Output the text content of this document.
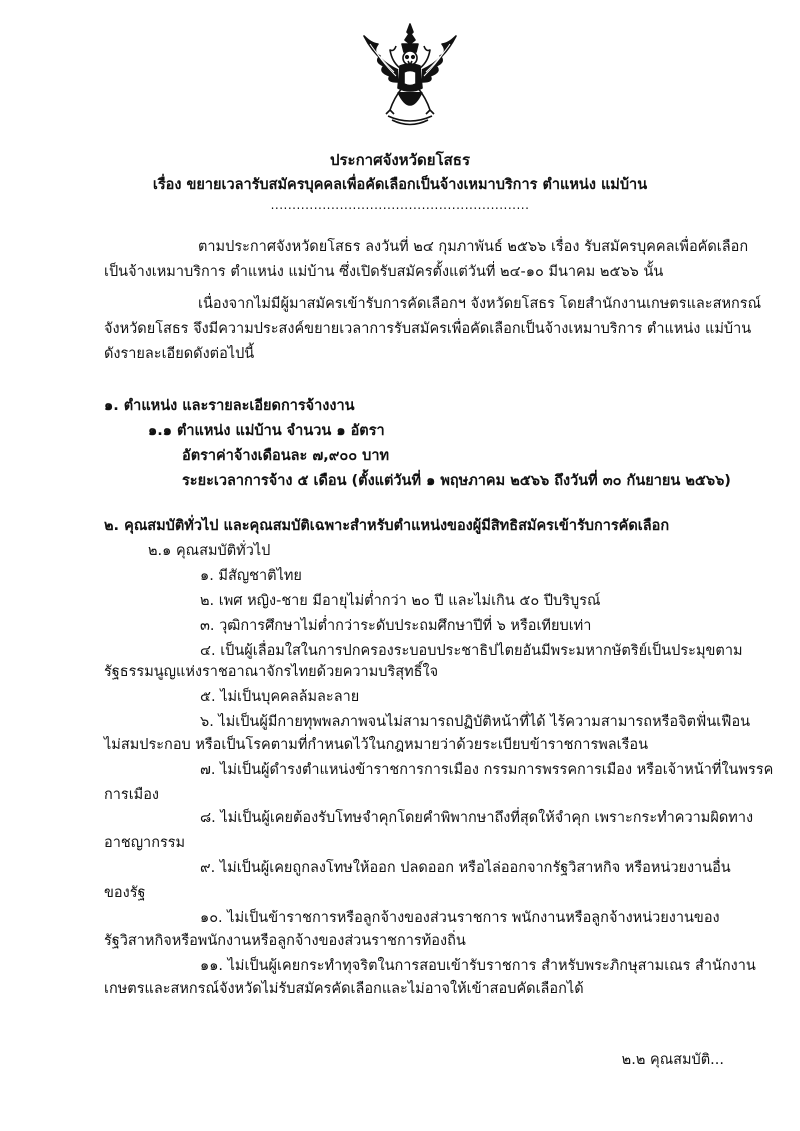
ประกาศจังหวัดยโสธร
เรื่อง ขยายเวลารับสมัครบุคคลเพื่อคัดเลือกเป็นจ้างเหมาบริการ ตำแหน่ง แม่บ้าน
............................................................
ตามประกาศจังหวัดยโสธร ลงวันที่ ๒๔ กุมภาพันธ์ ๒๕๖๖ เรื่อง รับสมัครบุคคลเพื่อคัดเลือก
เป็นจ้างเหมาบริการ ตำแหน่ง แม่บ้าน ซึ่งเปิดรับสมัครตั้งแต่วันที่ ๒๔-๑๐ มีนาคม ๒๕๖๖ นั้น
เนื่องจากไม่มีผู้มาสมัครเข้ารับการคัดเลือกฯ จังหวัดยโสธร โดยสำนักงานเกษตรและสหกรณ์
จังหวัดยโสธร จึงมีความประสงค์ขยายเวลาการรับสมัครเพื่อคัดเลือกเป็นจ้างเหมาบริการ ตำแหน่ง แม่บ้าน
ดังรายละเอียดดังต่อไปนี้
๑. ตำแหน่ง และรายละเอียดการจ้างงาน
๑.๑ ตำแหน่ง แม่บ้าน จำนวน ๑ อัตรา
อัตราค่าจ้างเดือนละ ๗,๙๐๐ บาท
ระยะเวลาการจ้าง ๕ เดือน (ตั้งแต่วันที่ ๑ พฤษภาคม ๒๕๖๖ ถึงวันที่ ๓๐ กันยายน ๒๕๖๖)
๒. คุณสมบัติทั่วไป และคุณสมบัติเฉพาะสำหรับตำแหน่งของผู้มีสิทธิสมัครเข้ารับการคัดเลือก
๒.๑ คุณสมบัติทั่วไป
๑. มีสัญชาติไทย
๒. เพศ หญิง-ชาย มีอายุไม่ต่ำกว่า ๒๐ ปี และไม่เกิน ๕๐ ปีบริบูรณ์
๓. วุฒิการศึกษาไม่ต่ำกว่าระดับประถมศึกษาปีที่ ๖ หรือเทียบเท่า
๔. เป็นผู้เลื่อมใสในการปกครองระบอบประชาธิปไตยอันมีพระมหากษัตริย์เป็นประมุขตาม
รัฐธรรมนูญแห่งราชอาณาจักรไทยด้วยความบริสุทธิ์ใจ
๕. ไม่เป็นบุคคลล้มละลาย
๖. ไม่เป็นผู้มีกายทุพพลภาพจนไม่สามารถปฏิบัติหน้าที่ได้ ไร้ความสามารถหรือจิตฟั่นเฟือน
ไม่สมประกอบ หรือเป็นโรคตามที่กำหนดไว้ในกฎหมายว่าด้วยระเบียบข้าราชการพลเรือน
๗. ไม่เป็นผู้ดำรงตำแหน่งข้าราชการการเมือง กรรมการพรรคการเมือง หรือเจ้าหน้าที่ในพรรค
การเมือง
๘. ไม่เป็นผู้เคยต้องรับโทษจำคุกโดยคำพิพากษาถึงที่สุดให้จำคุก เพราะกระทำความผิดทาง
อาชญากรรม
๙. ไม่เป็นผู้เคยถูกลงโทษให้ออก ปลดออก หรือไล่ออกจากรัฐวิสาหกิจ หรือหน่วยงานอื่น
ของรัฐ
๑๐. ไม่เป็นข้าราชการหรือลูกจ้างของส่วนราชการ พนักงานหรือลูกจ้างหน่วยงานของ
รัฐวิสาหกิจหรือพนักงานหรือลูกจ้างของส่วนราชการท้องถิ่น
๑๑. ไม่เป็นผู้เคยกระทำทุจริตในการสอบเข้ารับราชการ สำหรับพระภิกษุสามเณร สำนักงาน
เกษตรและสหกรณ์จังหวัดไม่รับสมัครคัดเลือกและไม่อาจให้เข้าสอบคัดเลือกได้
๒.๒ คุณสมบัติ...
